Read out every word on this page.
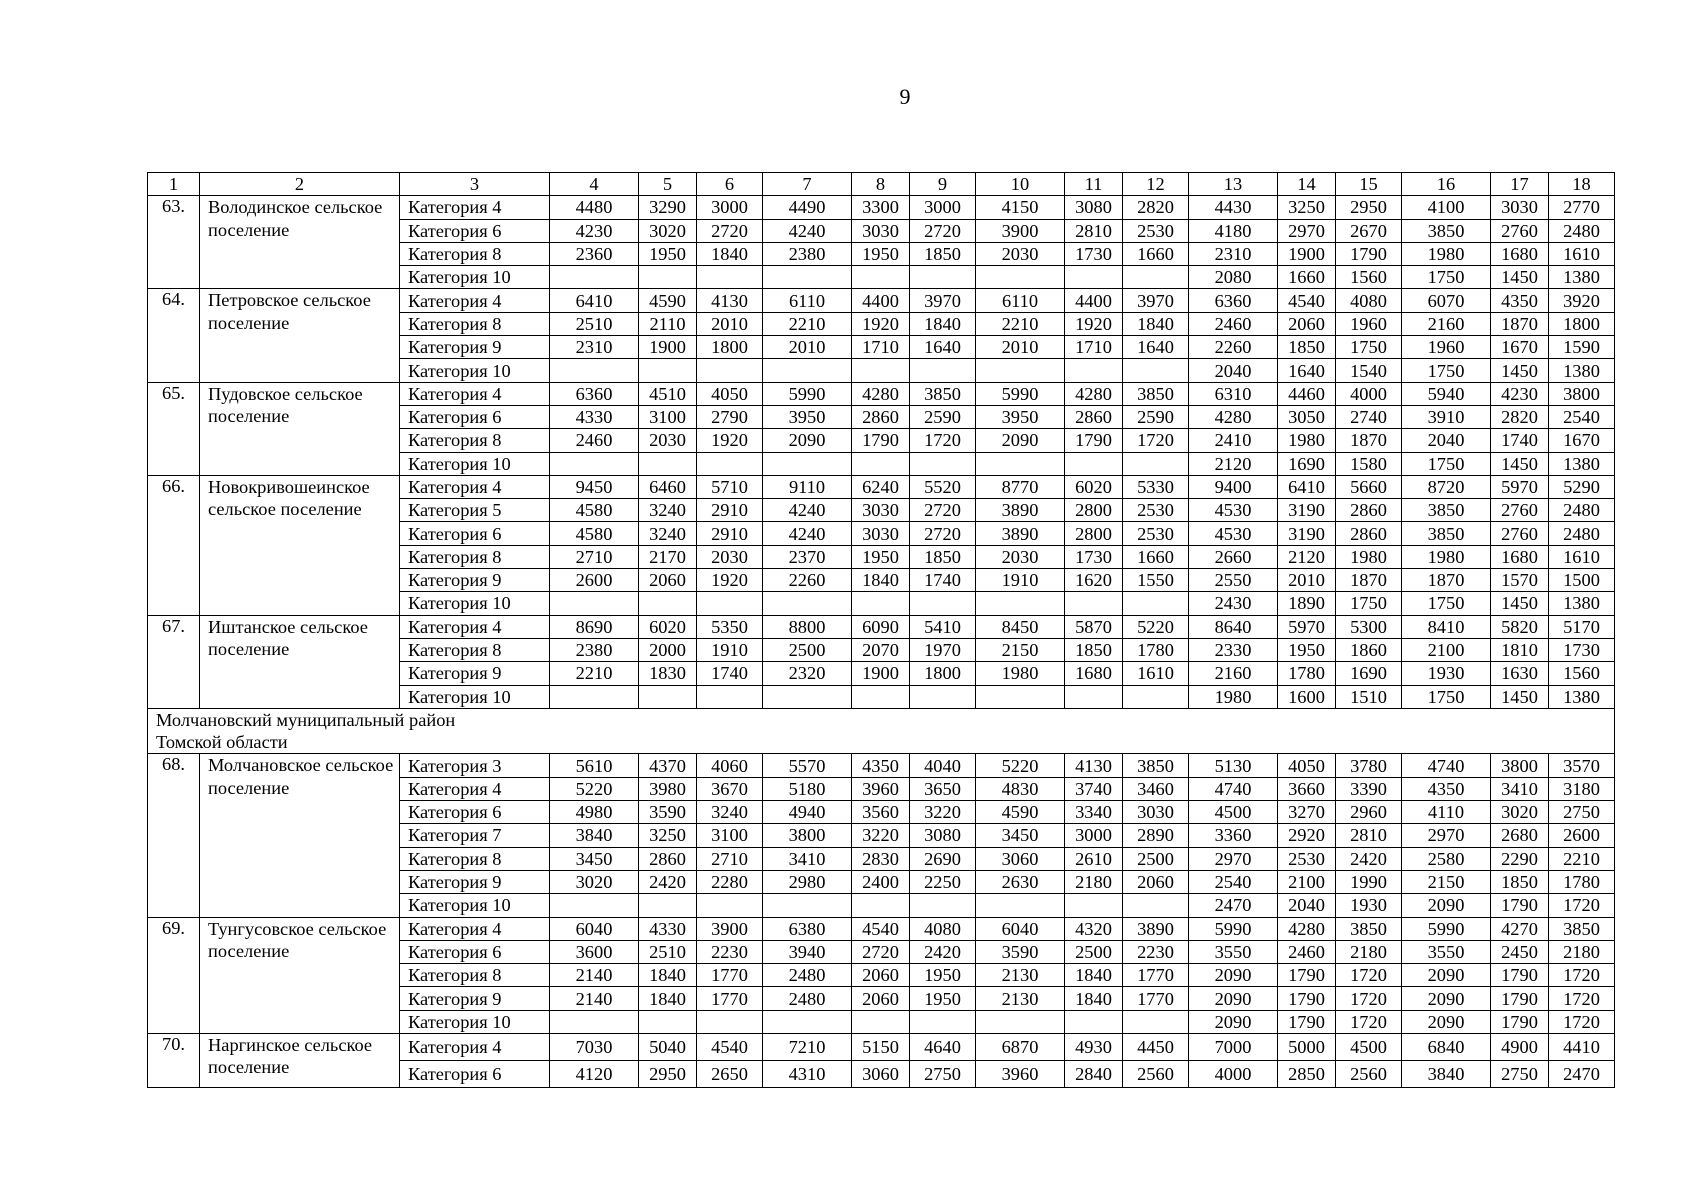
9
1	2	3	4	5	6	7	8	9	10	11	12	13	14	15	16	17	18
63.	Володинское сельское поселение	Категория 4	4480	3290	3000	4490	3300	3000	4150	3080	2820	4430	3250	2950	4100	3030	2770
		Категория 6	4230	3020	2720	4240	3030	2720	3900	2810	2530	4180	2970	2670	3850	2760	2480
		Категория 8	2360	1950	1840	2380	1950	1850	2030	1730	1660	2310	1900	1790	1980	1680	1610
		Категория 10										2080	1660	1560	1750	1450	1380
64.	Петровское сельское поселение	Категория 4	6410	4590	4130	6110	4400	3970	6110	4400	3970	6360	4540	4080	6070	4350	3920
		Категория 8	2510	2110	2010	2210	1920	1840	2210	1920	1840	2460	2060	1960	2160	1870	1800
		Категория 9	2310	1900	1800	2010	1710	1640	2010	1710	1640	2260	1850	1750	1960	1670	1590
		Категория 10										2040	1640	1540	1750	1450	1380
65.	Пудовское сельское поселение	Категория 4	6360	4510	4050	5990	4280	3850	5990	4280	3850	6310	4460	4000	5940	4230	3800
		Категория 6	4330	3100	2790	3950	2860	2590	3950	2860	2590	4280	3050	2740	3910	2820	2540
		Категория 8	2460	2030	1920	2090	1790	1720	2090	1790	1720	2410	1980	1870	2040	1740	1670
		Категория 10										2120	1690	1580	1750	1450	1380
66.	Новокривошеинское сельское поселение	Категория 4	9450	6460	5710	9110	6240	5520	8770	6020	5330	9400	6410	5660	8720	5970	5290
		Категория 5	4580	3240	2910	4240	3030	2720	3890	2800	2530	4530	3190	2860	3850	2760	2480
		Категория 6	4580	3240	2910	4240	3030	2720	3890	2800	2530	4530	3190	2860	3850	2760	2480
		Категория 8	2710	2170	2030	2370	1950	1850	2030	1730	1660	2660	2120	1980	1980	1680	1610
		Категория 9	2600	2060	1920	2260	1840	1740	1910	1620	1550	2550	2010	1870	1870	1570	1500
		Категория 10										2430	1890	1750	1750	1450	1380
67.	Иштанское сельское поселение	Категория 4	8690	6020	5350	8800	6090	5410	8450	5870	5220	8640	5970	5300	8410	5820	5170
		Категория 8	2380	2000	1910	2500	2070	1970	2150	1850	1780	2330	1950	1860	2100	1810	1730
		Категория 9	2210	1830	1740	2320	1900	1800	1980	1680	1610	2160	1780	1690	1930	1630	1560
		Категория 10										1980	1600	1510	1750	1450	1380
Молчановский муниципальный район
Томской области																	
68.	Молчановское сельское поселение	Категория 3	5610	4370	4060	5570	4350	4040	5220	4130	3850	5130	4050	3780	4740	3800	3570
		Категория 4	5220	3980	3670	5180	3960	3650	4830	3740	3460	4740	3660	3390	4350	3410	3180
		Категория 6	4980	3590	3240	4940	3560	3220	4590	3340	3030	4500	3270	2960	4110	3020	2750
		Категория 7	3840	3250	3100	3800	3220	3080	3450	3000	2890	3360	2920	2810	2970	2680	2600
		Категория 8	3450	2860	2710	3410	2830	2690	3060	2610	2500	2970	2530	2420	2580	2290	2210
		Категория 9	3020	2420	2280	2980	2400	2250	2630	2180	2060	2540	2100	1990	2150	1850	1780
		Категория 10										2470	2040	1930	2090	1790	1720
69.	Тунгусовское сельское поселение	Категория 4	6040	4330	3900	6380	4540	4080	6040	4320	3890	5990	4280	3850	5990	4270	3850
		Категория 6	3600	2510	2230	3940	2720	2420	3590	2500	2230	3550	2460	2180	3550	2450	2180
		Категория 8	2140	1840	1770	2480	2060	1950	2130	1840	1770	2090	1790	1720	2090	1790	1720
		Категория 9	2140	1840	1770	2480	2060	1950	2130	1840	1770	2090	1790	1720	2090	1790	1720
		Категория 10										2090	1790	1720	2090	1790	1720
70.	Наргинское сельское поселение	Категория 4	7030	5040	4540	7210	5150	4640	6870	4930	4450	7000	5000	4500	6840	4900	4410
		Категория 6	4120	2950	2650	4310	3060	2750	3960	2840	2560	4000	2850	2560	3840	2750	2470
